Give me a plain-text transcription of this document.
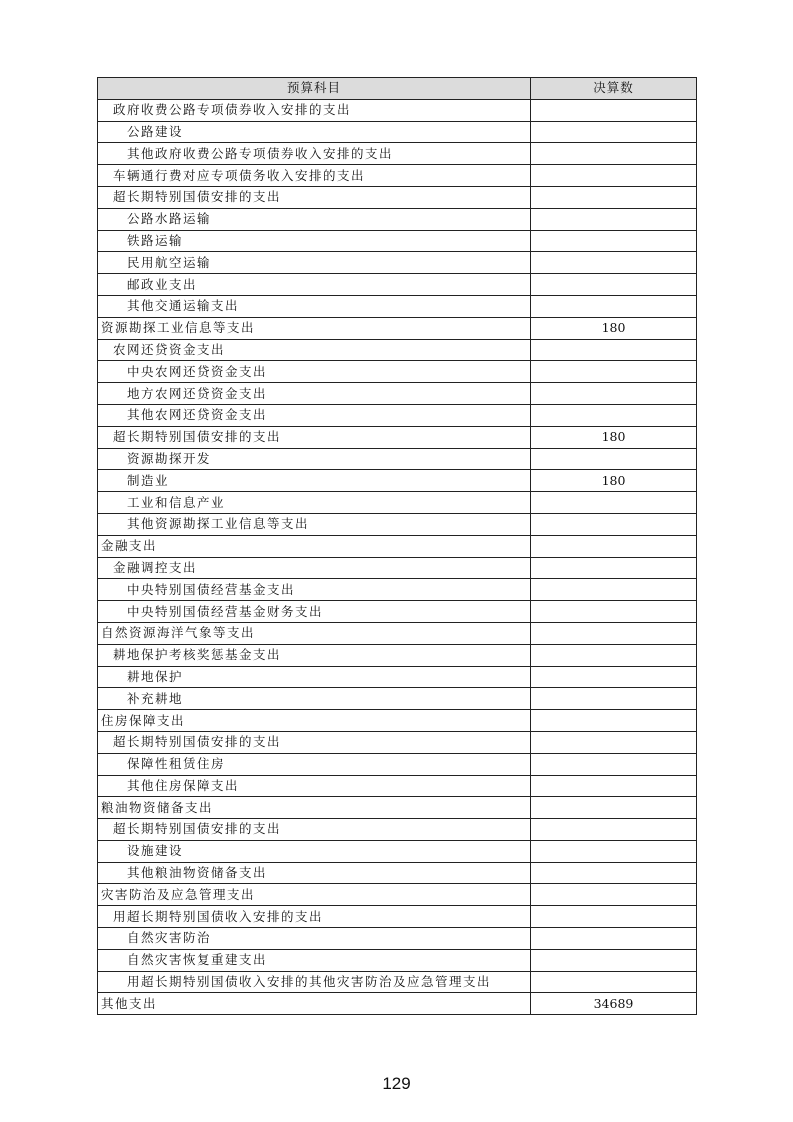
预算科目	决算数
政府收费公路专项债券收入安排的支出	
公路建设	
其他政府收费公路专项债券收入安排的支出	
车辆通行费对应专项债务收入安排的支出	
超长期特别国债安排的支出	
公路水路运输	
铁路运输	
民用航空运输	
邮政业支出	
其他交通运输支出	
资源勘探工业信息等支出	180
农网还贷资金支出	
中央农网还贷资金支出	
地方农网还贷资金支出	
其他农网还贷资金支出	
超长期特别国债安排的支出	180
资源勘探开发	
制造业	180
工业和信息产业	
其他资源勘探工业信息等支出	
金融支出	
金融调控支出	
中央特别国债经营基金支出	
中央特别国债经营基金财务支出	
自然资源海洋气象等支出	
耕地保护考核奖惩基金支出	
耕地保护	
补充耕地	
住房保障支出	
超长期特别国债安排的支出	
保障性租赁住房	
其他住房保障支出	
粮油物资储备支出	
超长期特别国债安排的支出	
设施建设	
其他粮油物资储备支出	
灾害防治及应急管理支出	
用超长期特别国债收入安排的支出	
自然灾害防治	
自然灾害恢复重建支出	
用超长期特别国债收入安排的其他灾害防治及应急管理支出	
其他支出	34689
129
